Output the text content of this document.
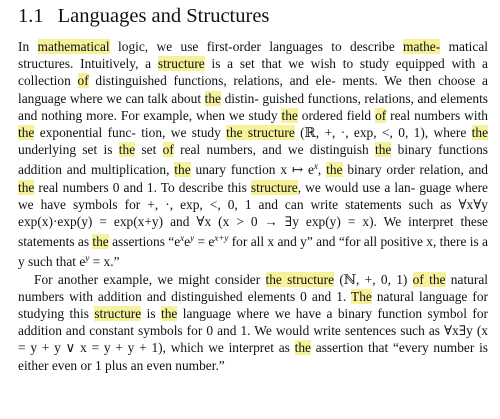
1.1 Languages and Structures

In mathematical logic, we use first-order languages to describe mathe- matical structures. Intuitively, a structure is a set that we wish to study equipped with a collection of distinguished functions, relations, and ele- ments. We then choose a language where we can talk about the distin- guished functions, relations, and elements and nothing more. For example, when we study the ordered field of real numbers with the exponential func- tion, we study the structure (ℝ, +, ·, exp, <, 0, 1), where the underlying set is the set of real numbers, and we distinguish the binary functions addition and multiplication, the unary function x ↦ $e^x$, the binary order relation, and the real numbers 0 and 1. To describe this structure, we would use a lan- guage where we have symbols for +, ·, exp, <, 0, 1 and can write statements such as ∀x∀y exp(x)·exp(y) = exp(x+y) and ∀x (x > 0 → ∃y exp(y) = x). We interpret these statements as the assertions “$e^xe^y = e^{x+y}$ for all x and y” and “for all positive x, there is a y such that $e^y = x$.”

For another example, we might consider the structure (ℕ, +, 0, 1) of the natural numbers with addition and distinguished elements 0 and 1. The natural language for studying this structure is the language where we have a binary function symbol for addition and constant symbols for 0 and 1. We would write sentences such as ∀x∃y (x = y + y ∨ x = y + y + 1), which we interpret as the assertion that “every number is either even or 1 plus an even number.”
